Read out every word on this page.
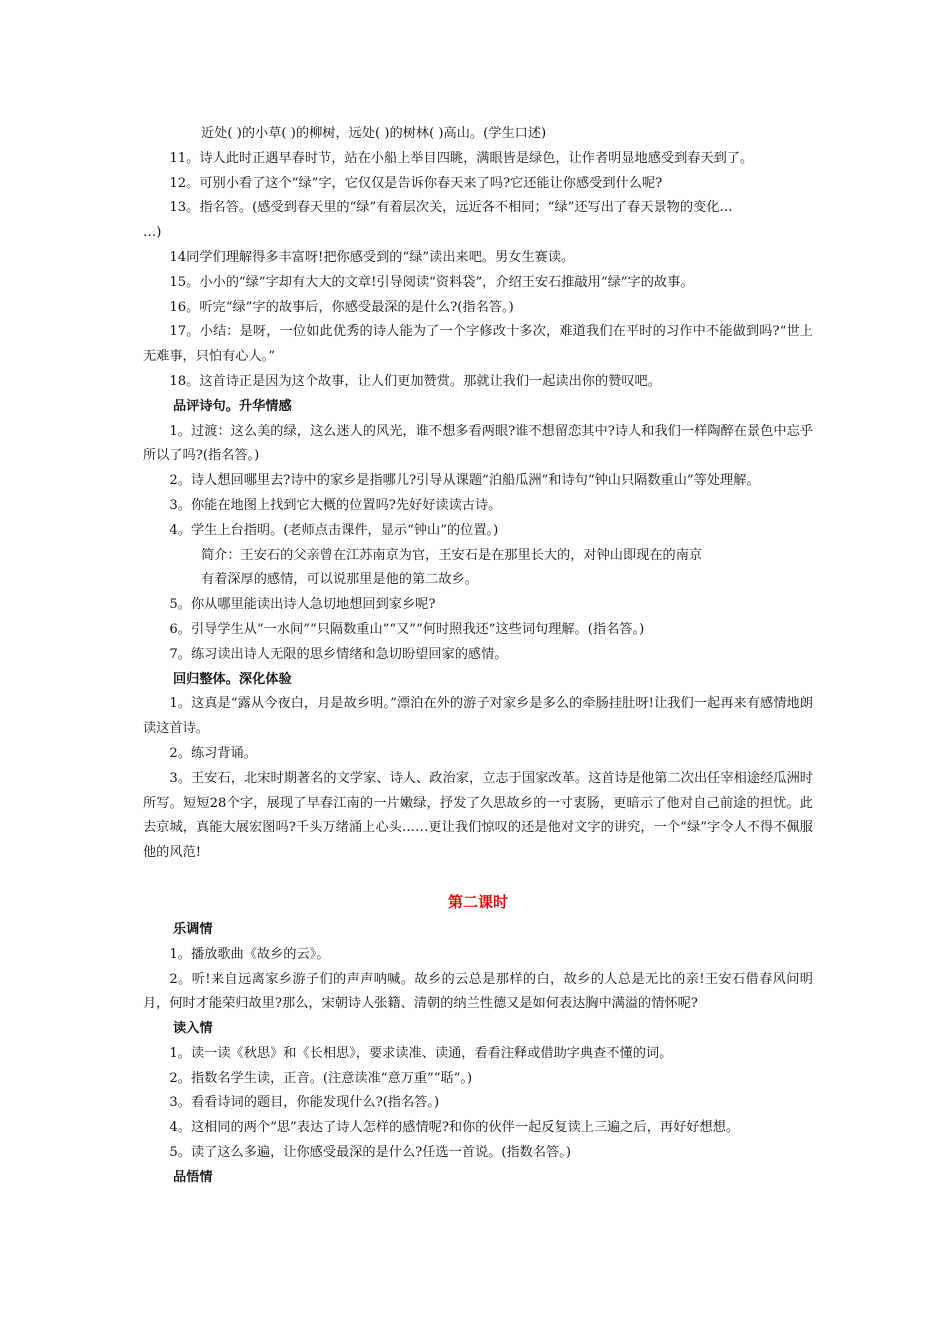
近处( )的小草( )的柳树，远处( )的树林( )高山。(学生口述)

11。诗人此时正遇早春时节，站在小船上举目四眺，满眼皆是绿色，让作者明显地感受到春天到了。

12。可别小看了这个“绿”字，它仅仅是告诉你春天来了吗?它还能让你感受到什么呢?

13。指名答。(感受到春天里的“绿”有着层次关，远近各不相同；“绿”还写出了春天景物的变化…

…)

14同学们理解得多丰富呀!把你感受到的“绿”读出来吧。男女生赛读。

15。小小的“绿”字却有大大的文章!引导阅读“资料袋”，介绍王安石推敲用“绿”字的故事。

16。听完“绿”字的故事后，你感受最深的是什么?(指名答。)

17。小结：是呀，一位如此优秀的诗人能为了一个字修改十多次，难道我们在平时的习作中不能做到吗?“世上无难事，只怕有心人。”

18。这首诗正是因为这个故事，让人们更加赞赏。那就让我们一起读出你的赞叹吧。

品评诗句。升华情感

1。过渡：这么美的绿，这么迷人的风光，谁不想多看两眼?谁不想留恋其中?诗人和我们一样陶醉在景色中忘乎所以了吗?(指名答。)

2。诗人想回哪里去?诗中的家乡是指哪儿?引导从课题“泊船瓜洲”和诗句“钟山只隔数重山”等处理解。

3。你能在地图上找到它大概的位置吗?先好好读读古诗。

4。学生上台指明。(老师点击课件，显示“钟山”的位置。)

简介：王安石的父亲曾在江苏南京为官，王安石是在那里长大的，对钟山即现在的南京

有着深厚的感情，可以说那里是他的第二故乡。

5。你从哪里能读出诗人急切地想回到家乡呢?

6。引导学生从“一水间”“只隔数重山”“又”“何时照我还”这些词句理解。(指名答。)

7。练习读出诗人无限的思乡情绪和急切盼望回家的感情。

回归整体。深化体验

1。这真是“露从今夜白，月是故乡明。”漂泊在外的游子对家乡是多么的牵肠挂肚呀!让我们一起再来有感情地朗读这首诗。

2。练习背诵。

3。王安石，北宋时期著名的文学家、诗人、政治家，立志于国家改革。这首诗是他第二次出任宰相途经瓜洲时所写。短短28个字，展现了早春江南的一片嫩绿，抒发了久思故乡的一寸衷肠，更暗示了他对自己前途的担忧。此去京城，真能大展宏图吗?千头万绪涌上心头……更让我们惊叹的还是他对文字的讲究，一个“绿”字令人不得不佩服他的风范!

第二课时

乐调情

1。播放歌曲《故乡的云》。

2。听!来自远离家乡游子们的声声呐喊。故乡的云总是那样的白，故乡的人总是无比的亲!王安石借春风问明月，何时才能荣归故里?那么，宋朝诗人张籍、清朝的纳兰性德又是如何表达胸中满溢的情怀呢?

读入情

1。读一读《秋思》和《长相思》，要求读准、读通，看看注释或借助字典查不懂的词。

2。指数名学生读，正音。(注意读准“意万重”“聒”。)

3。看看诗词的题目，你能发现什么?(指名答。)

4。这相同的两个“思”表达了诗人怎样的感情呢?和你的伙伴一起反复读上三遍之后，再好好想想。

5。读了这么多遍，让你感受最深的是什么?任选一首说。(指数名答。)

品悟情
